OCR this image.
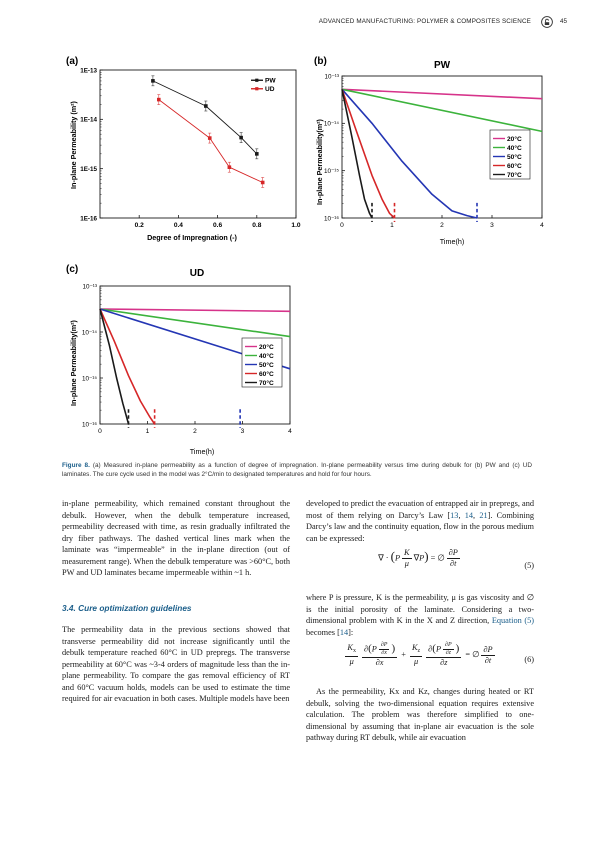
ADVANCED MANUFACTURING: POLYMER & COMPOSITES SCIENCE	45
(a)
0.2	0.4	0.6	0.8	1.0
1E-16
1E-15
1E-14
1E-13
PW
UD
Degree of Impregnation (-)
In-plane Permeability (m²)
(b)	PW
0	1	2	3	4
10⁻¹⁶
10⁻¹⁵
10⁻¹⁴
10⁻¹³
20°C
40°C
50°C
60°C
70°C
Time(h)
In-plane Permeability(m²)
(c)	UD
0	1	2	3	4
10⁻¹⁶
10⁻¹⁵
10⁻¹⁴
10⁻¹³
20°C
40°C
50°C
60°C
70°C
Time(h)
In-plane Permeability(m²)
Figure 8. (a) Measured in-plane permeability as a function of degree of impregnation. In-plane permeability versus time during debulk for (b) PW and (c) UD laminates. The cure cycle used in the model was 2°C/min to designated temperatures and hold for four hours.

in-plane permeability, which remained constant throughout the debulk. However, when the debulk temperature increased, permeability decreased with time, as resin gradually infiltrated the dry fiber pathways. The dashed vertical lines mark when the laminate was “impermeable” in the in-plane direction (out of measurement range). When the debulk temperature was >60°C, both PW and UD laminates became impermeable within ~1 h.

3.4. Cure optimization guidelines

The permeability data in the previous sections showed that transverse permeability did not increase significantly until the debulk temperature reached 60°C in UD prepregs. The transverse permeability at 60°C was ~3-4 orders of magnitude less than the in-plane permeability. To compare the gas removal efficiency of RT and 60°C vacuum holds, models can be used to estimate the time required for air evacuation in both cases. Multiple models have been

developed to predict the evacuation of entrapped air in prepregs, and most of them relying on Darcy’s Law [13, 14, 21]. Combining Darcy’s law and the continuity equation, flow in the porous medium can be expressed:

∇ · $(P \frac{K}{\mu} \nabla P)$ = ∅ $\frac{\partial P}{\partial t}$	(5)

where P is pressure, K is the permeability, μ is gas viscosity and ∅ is the initial porosity of the laminate. Considering a two-dimensional problem with K in the X and Z direction, Equation (5) becomes [14]:

$\frac{K_x}{\mu} \frac{\partial(P \frac{\partial P}{\partial x} )}{\partial x} + \frac{K_z}{\mu} \frac{\partial(P \frac{\partial P}{\partial z} )}{\partial z}$ = ∅ $\frac{\partial P}{\partial t}$	(6)

As the permeability, Kx and Kz, changes during heated or RT debulk, solving the two-dimensional equation requires extensive calculation. The problem was therefore simplified to one-dimensional by assuming that in-plane air evacuation is the sole pathway during RT debulk, while air evacuation
